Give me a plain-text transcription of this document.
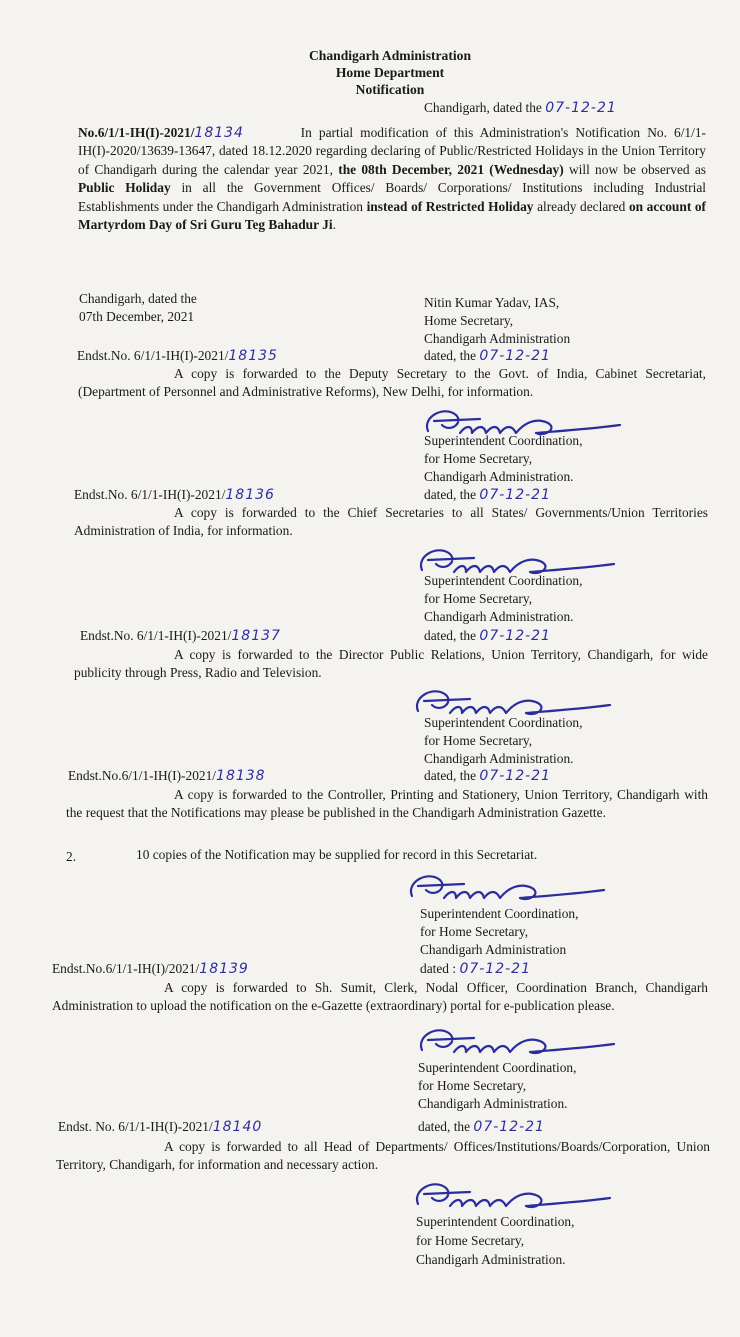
Chandigarh Administration
Home Department
Notification
Chandigarh, dated the 07-12-21
No.6/1/1-IH(I)-2021/18134	In partial modification of this Administration's Notification No. 6/1/1-IH(I)-2020/13639-13647, dated 18.12.2020 regarding declaring of Public/Restricted Holidays in the Union Territory of Chandigarh during the calendar year 2021, the 08th December, 2021 (Wednesday) will now be observed as Public Holiday in all the Government Offices/ Boards/ Corporations/ Institutions including Industrial Establishments under the Chandigarh Administration instead of Restricted Holiday already declared on account of Martyrdom Day of Sri Guru Teg Bahadur Ji.
Chandigarh, dated the
07th December, 2021
Nitin Kumar Yadav, IAS,
Home Secretary,
Chandigarh Administration
Endst.No. 6/1/1-IH(I)-2021/18135	dated, the 07-12-21
A copy is forwarded to the Deputy Secretary to the Govt. of India, Cabinet Secretariat, (Department of Personnel and Administrative Reforms), New Delhi, for information.
Superintendent Coordination,
for Home Secretary,
Chandigarh Administration.
Endst.No. 6/1/1-IH(I)-2021/18136	dated, the 07-12-21
A copy is forwarded to the Chief Secretaries to all States/ Governments/Union Territories Administration of India, for information.
Superintendent Coordination,
for Home Secretary,
Chandigarh Administration.
Endst.No. 6/1/1-IH(I)-2021/18137	dated, the 07-12-21
A copy is forwarded to the Director Public Relations, Union Territory, Chandigarh, for wide publicity through Press, Radio and Television.
Superintendent Coordination,
for Home Secretary,
Chandigarh Administration.
Endst.No.6/1/1-IH(I)-2021/18138	dated, the 07-12-21
A copy is forwarded to the Controller, Printing and Stationery, Union Territory, Chandigarh with the request that the Notifications may please be published in the Chandigarh Administration Gazette.
2.	10 copies of the Notification may be supplied for record in this Secretariat.
Superintendent Coordination,
for Home Secretary,
Chandigarh Administration
Endst.No.6/1/1-IH(I)/2021/18139	dated : 07-12-21
A copy is forwarded to Sh. Sumit, Clerk, Nodal Officer, Coordination Branch, Chandigarh Administration to upload the notification on the e-Gazette (extraordinary) portal for e-publication please.
Superintendent Coordination,
for Home Secretary,
Chandigarh Administration.
Endst. No. 6/1/1-IH(I)-2021/18140	dated, the 07-12-21
A copy is forwarded to all Head of Departments/ Offices/Institutions/Boards/Corporation, Union Territory, Chandigarh, for information and necessary action.
Superintendent Coordination,
for Home Secretary,
Chandigarh Administration.
